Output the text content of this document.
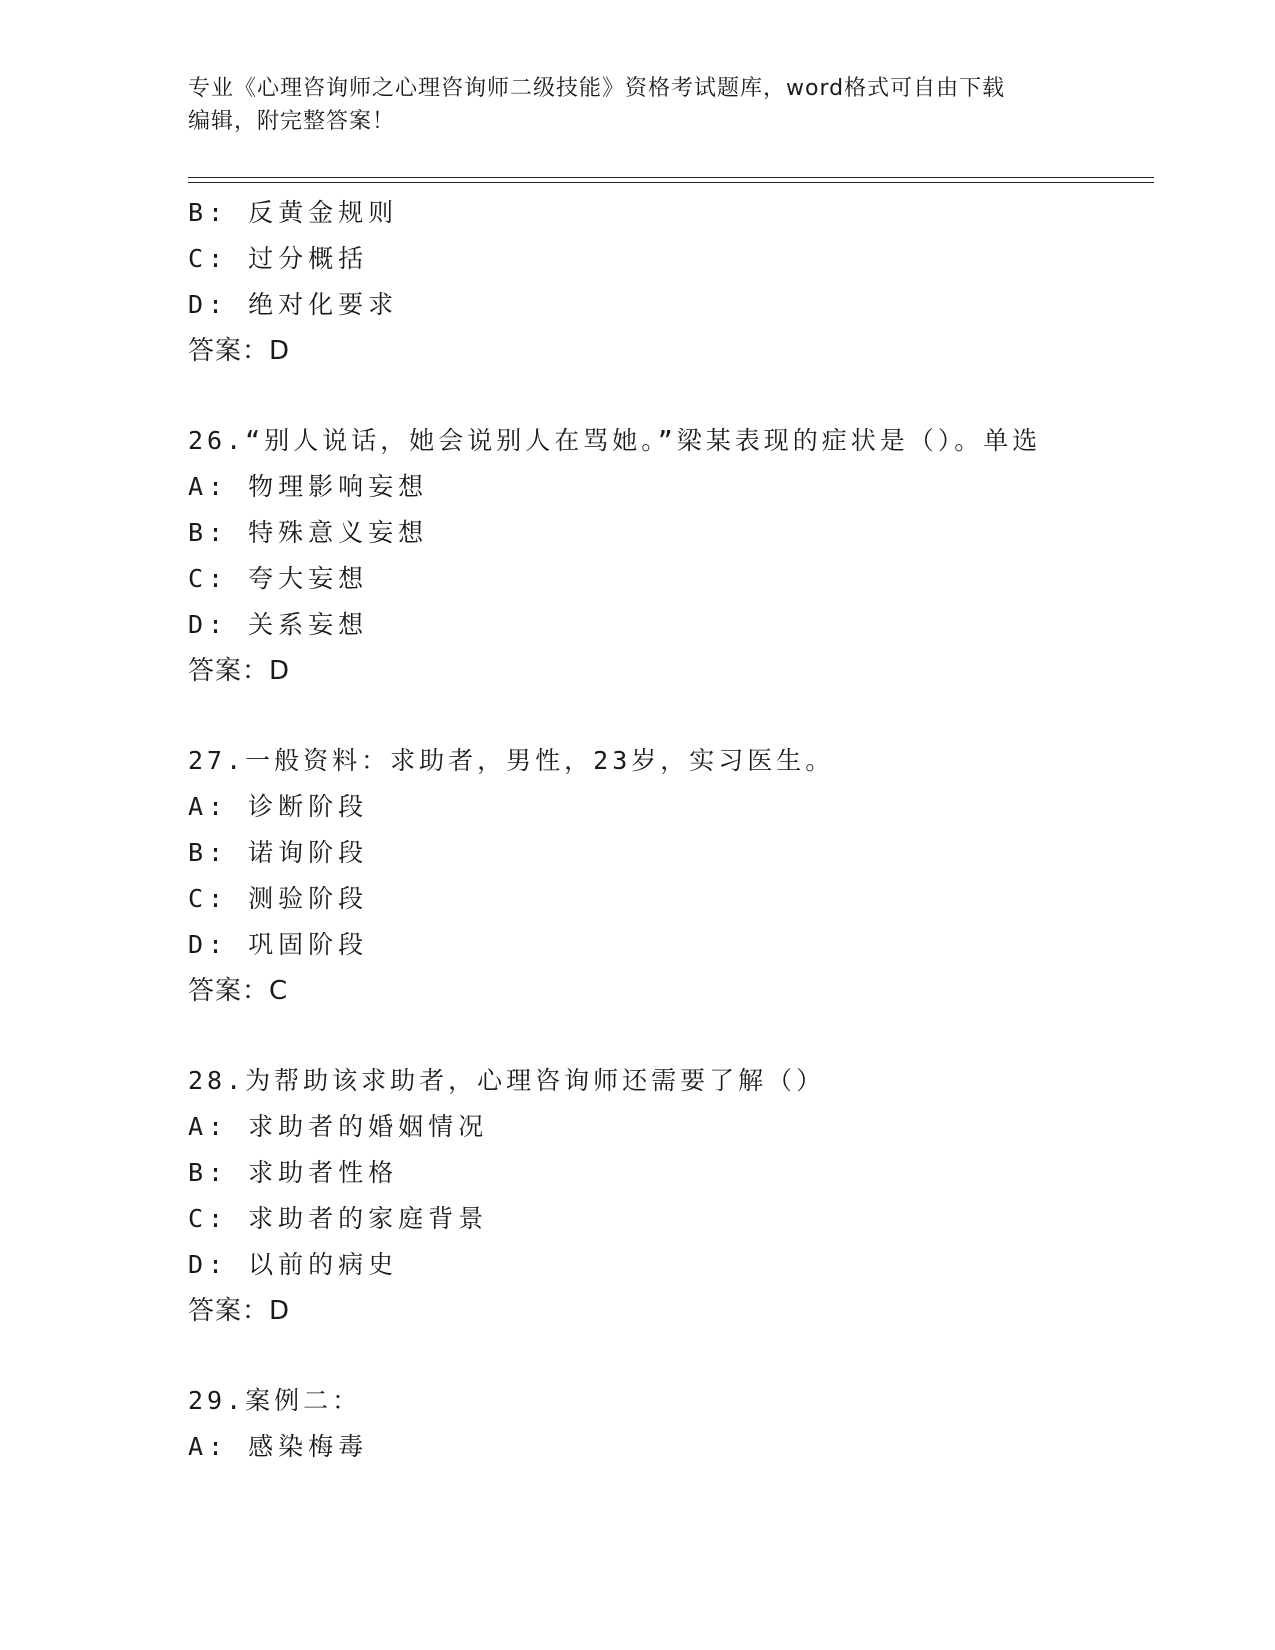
专业《心理咨询师之心理咨询师二级技能》资格考试题库，word格式可自由下载
编辑，附完整答案！
B: 反黄金规则
C: 过分概括
D: 绝对化要求
答案：D
26.“别人说话，她会说别人在骂她。”梁某表现的症状是（）。单选
A: 物理影响妄想
B: 特殊意义妄想
C: 夸大妄想
D: 关系妄想
答案：D
27.一般资料：求助者，男性，23岁，实习医生。
A: 诊断阶段
B: 诺询阶段
C: 测验阶段
D: 巩固阶段
答案：C
28.为帮助该求助者，心理咨询师还需要了解（）
A: 求助者的婚姻情况
B: 求助者性格
C: 求助者的家庭背景
D: 以前的病史
答案：D
29.案例二：
A: 感染梅毒
